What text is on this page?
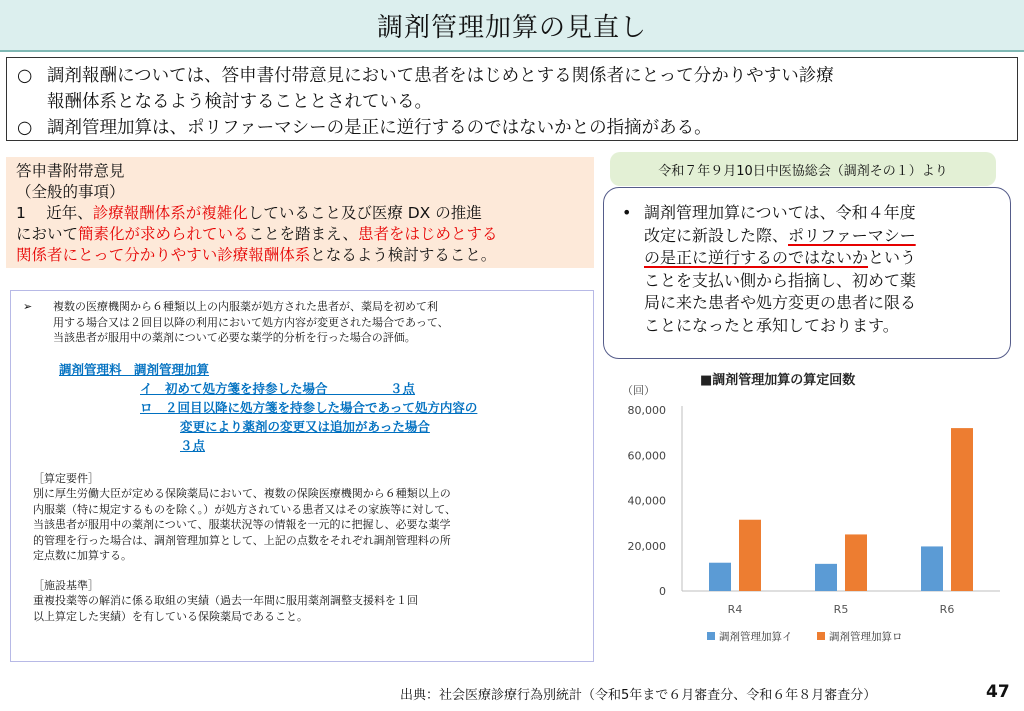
調剤管理加算の見直し
○ 調剤報酬については、答申書付帯意見において患者をはじめとする関係者にとって分かりやすい診療
報酬体系となるよう検討することとされている。
○ 調剤管理加算は、ポリファーマシーの是正に逆行するのではないかとの指摘がある。
答申書附帯意見
（全般的事項）
1　 近年、診療報酬体系が複雑化していること及び医療 DX の推進
において簡素化が求められていることを踏まえ、患者をはじめとする
関係者にとって分かりやすい診療報酬体系となるよう検討すること。
➢	複数の医療機関から６種類以上の内服薬が処方された患者が、薬局を初めて利
用する場合又は２回目以降の利用において処方内容が変更された場合であって、
当該患者が服用中の薬剤について必要な薬学的分析を行った場合の評価。
調剤管理料　調剤管理加算
イ　初めて処方箋を持参した場合　　　　　３点
ロ　２回目以降に処方箋を持参した場合であって処方内容の
変更により薬剤の変更又は追加があった場合
３点
［算定要件］

別に厚生労働大臣が定める保険薬局において、複数の保険医療機関から６種類以上の

内服薬（特に規定するものを除く。）が処方されている患者又はその家族等に対して、

当該患者が服用中の薬剤について、服薬状況等の情報を一元的に把握し、必要な薬学

的管理を行った場合は、調剤管理加算として、上記の点数をそれぞれ調剤管理料の所

定点数に加算する。

［施設基準］

重複投薬等の解消に係る取組の実績（過去一年間に服用薬剤調整支援料を１回

以上算定した実績）を有している保険薬局であること。

令和７年９月10日中医協総会（調剤その１）より
• 調剤管理加算については、令和４年度
改定に新設した際、ポリファーマシー
の是正に逆行するのではないかという
ことを支払い側から指摘し、初めて薬
局に来た患者や処方変更の患者に限る
ことになったと承知しております。
■調剤管理加算の算定回数
（回）
0
20,000
40,000
60,000
80,000
R4	R5	R6
調剤管理加算イ	調剤管理加算ロ
出典：社会医療診療行為別統計（令和5年まで６月審査分、令和６年８月審査分）	47
